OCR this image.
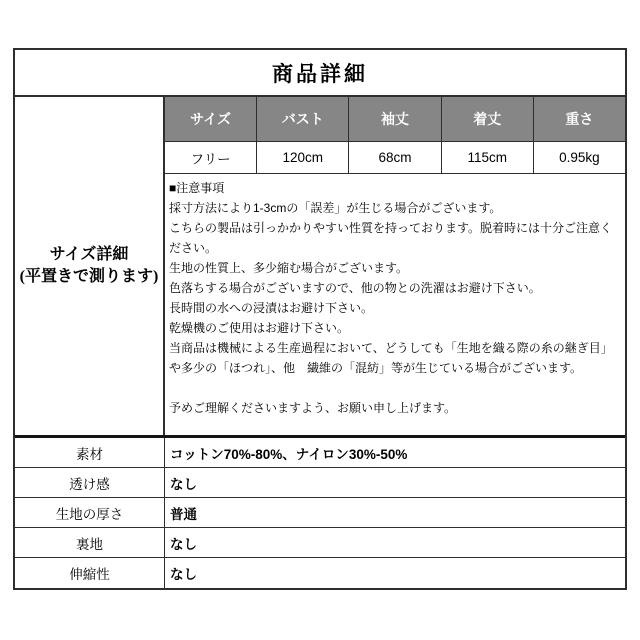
商品詳細
サイズ詳細
(平置きで測ります)
サイズ	バスト	袖丈	着丈	重さ
フリー	120cm	68cm	115cm	0.95kg
■注意事項
採寸方法により1-3cmの「誤差」が生じる場合がございます。
こちらの製品は引っかかりやすい性質を持っております。脱着時には十分ご注意ください。
生地の性質上、多少縮む場合がございます。
色落ちする場合がございますので、他の物との洗濯はお避け下さい。
長時間の水への浸漬はお避け下さい。
乾燥機のご使用はお避け下さい。
当商品は機械による生産過程において、どうしても「生地を織る際の糸の継ぎ目」や多少の「ほつれ」、他　繊維の「混紡」等が生じている場合がございます。
予めご理解くださいますよう、お願い申し上げます。
素材	コットン70%-80%、ナイロン30%-50%
透け感	なし
生地の厚さ	普通
裏地	なし
伸縮性	なし
